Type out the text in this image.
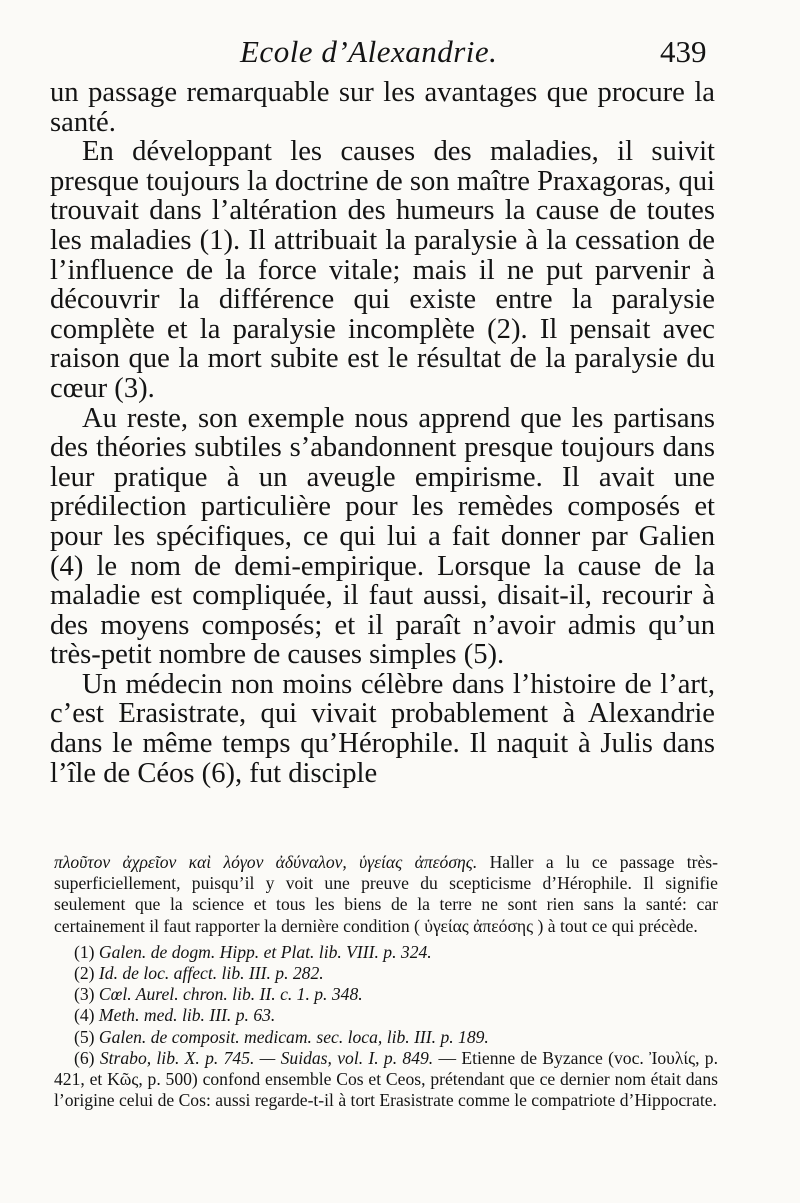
Ecole d’Alexandrie.	439

un passage remarquable sur les avantages que procure la santé.

En développant les causes des maladies, il suivit presque toujours la doctrine de son maître Praxagoras, qui trouvait dans l’altération des humeurs la cause de toutes les maladies (1). Il attribuait la paralysie à la cessation de l’influence de la force vitale; mais il ne put parvenir à découvrir la différence qui existe entre la paralysie complète et la paralysie incomplète (2). Il pensait avec raison que la mort subite est le résultat de la paralysie du cœur (3).

Au reste, son exemple nous apprend que les partisans des théories subtiles s’abandonnent presque toujours dans leur pratique à un aveugle empirisme. Il avait une prédilection particulière pour les remèdes composés et pour les spécifiques, ce qui lui a fait donner par Galien (4) le nom de demi-empirique. Lorsque la cause de la maladie est compliquée, il faut aussi, disait-il, recourir à des moyens composés; et il paraît n’avoir admis qu’un très-petit nombre de causes simples (5).

Un médecin non moins célèbre dans l’histoire de l’art, c’est Erasistrate, qui vivait probablement à Alexandrie dans le même temps qu’Hérophile. Il naquit à Julis dans l’île de Céos (6), fut disciple

πλοῦτον ἀχρεῖον καὶ λόγον ἀδύναλον, ὑγείας ἀπεόσης. Haller a lu ce passage très-superficiellement, puisqu’il y voit une preuve du scepticisme d’Hérophile. Il signifie seulement que la science et tous les biens de la terre ne sont rien sans la santé: car certainement il faut rapporter la dernière condition ( ὑγείας ἀπεόσης ) à tout ce qui précède.

(1) Galen. de dogm. Hipp. et Plat. lib. VIII. p. 324.
(2) Id. de loc. affect. lib. III. p. 282.
(3) Cœl. Aurel. chron. lib. II. c. 1. p. 348.
(4) Meth. med. lib. III. p. 63.
(5) Galen. de composit. medicam. sec. loca, lib. III. p. 189.
(6) Strabo, lib. X. p. 745. — Suidas, vol. I. p. 849. — Etienne de Byzance (voc. Ἰουλίς, p. 421, et Κῶς, p. 500) confond ensemble Cos et Ceos, prétendant que ce dernier nom était dans l’origine celui de Cos: aussi regarde-t-il à tort Erasistrate comme le compatriote d’Hippocrate.
